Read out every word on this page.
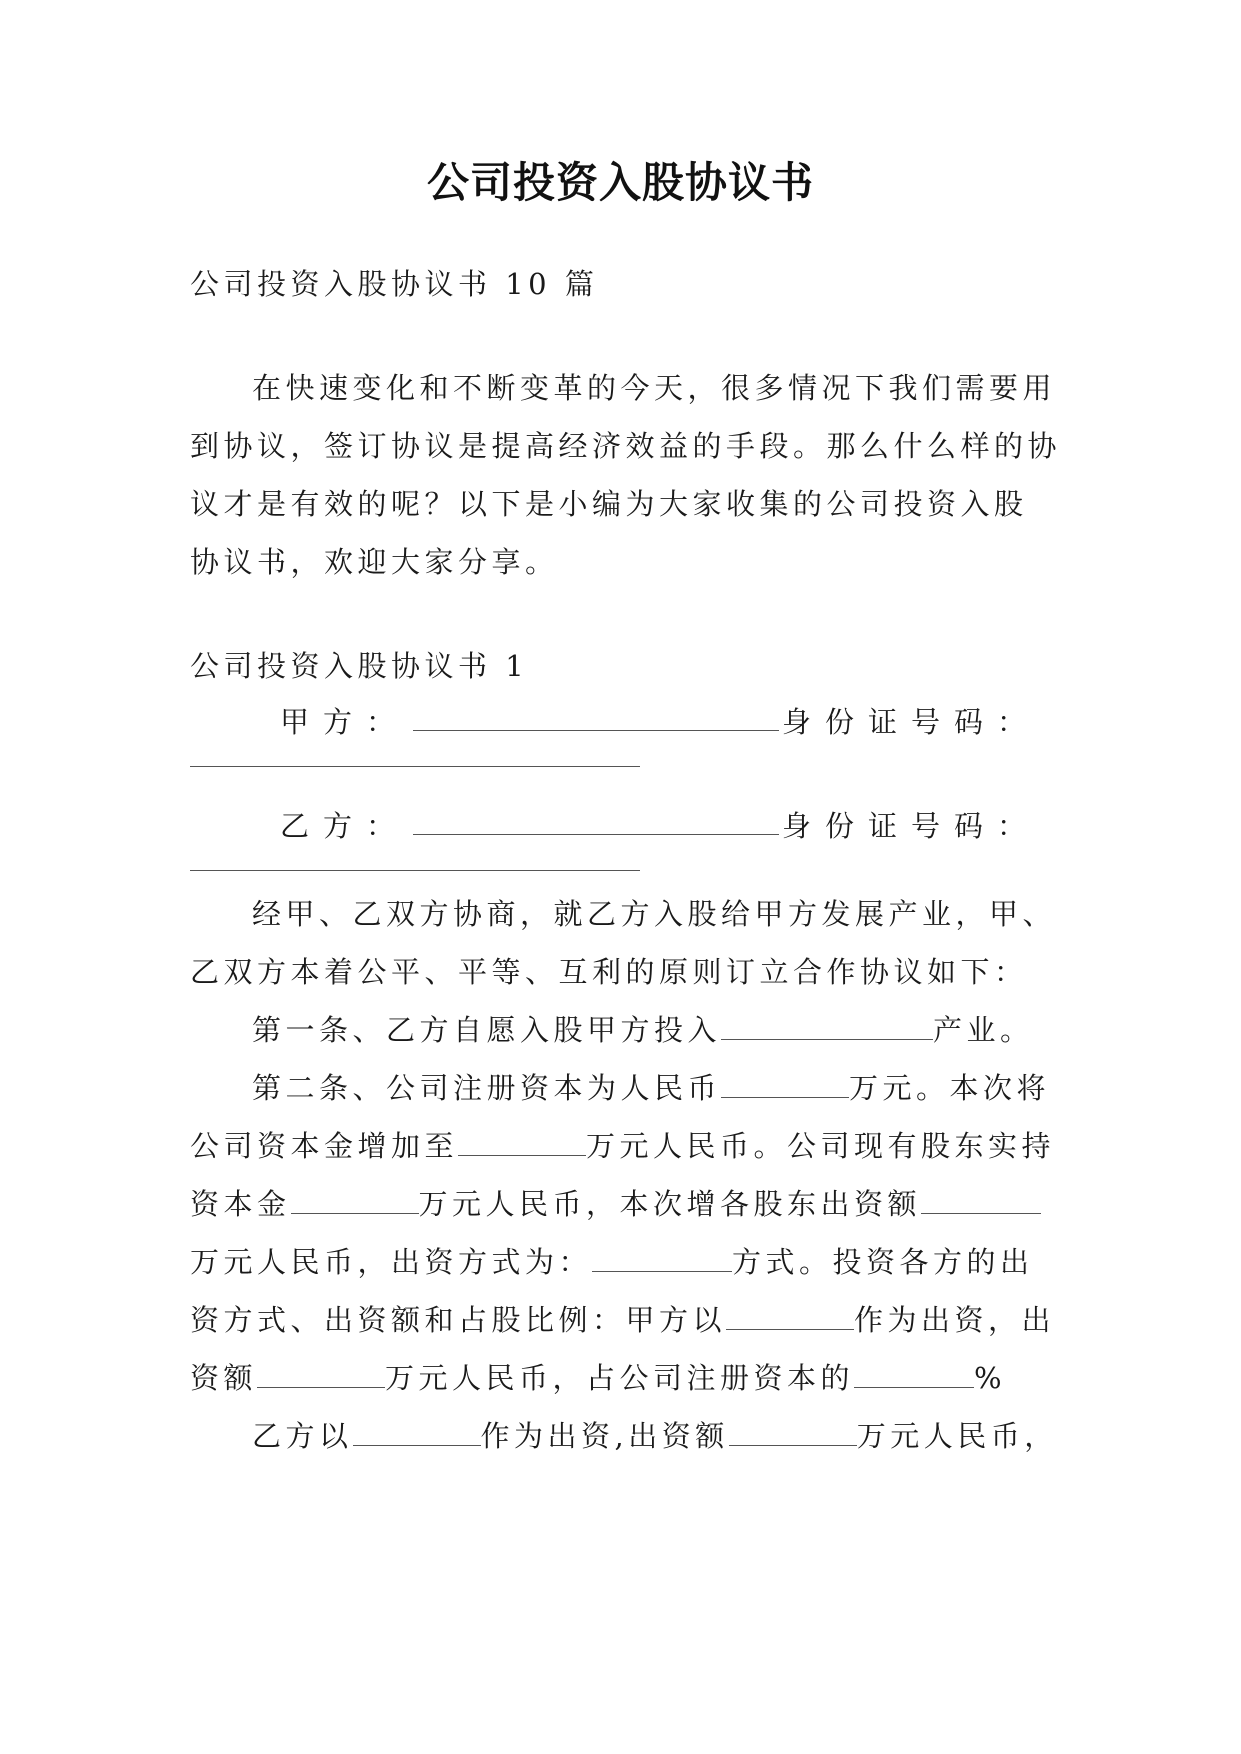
公司投资入股协议书
公司投资入股协议书 10 篇
在快速变化和不断变革的今天，很多情况下我们需要用
到协议，签订协议是提高经济效益的手段。那么什么样的协
议才是有效的呢？以下是小编为大家收集的公司投资入股
协议书，欢迎大家分享。
公司投资入股协议书 1
甲方：	身份证号码：
乙方：	身份证号码：
经甲、乙双方协商，就乙方入股给甲方发展产业，甲、
乙双方本着公平、平等、互利的原则订立合作协议如下：
第一条、乙方自愿入股甲方投入	产业。
第二条、公司注册资本为人民币	万元。本次将
公司资本金增加至	万元人民币。公司现有股东实持
资本金	万元人民币，本次增各股东出资额
万元人民币，出资方式为：	方式。投资各方的出
资方式、出资额和占股比例：甲方以	作为出资，出
资额	万元人民币，占公司注册资本的	%
乙方以	作为出资,出资额	万元人民币，
